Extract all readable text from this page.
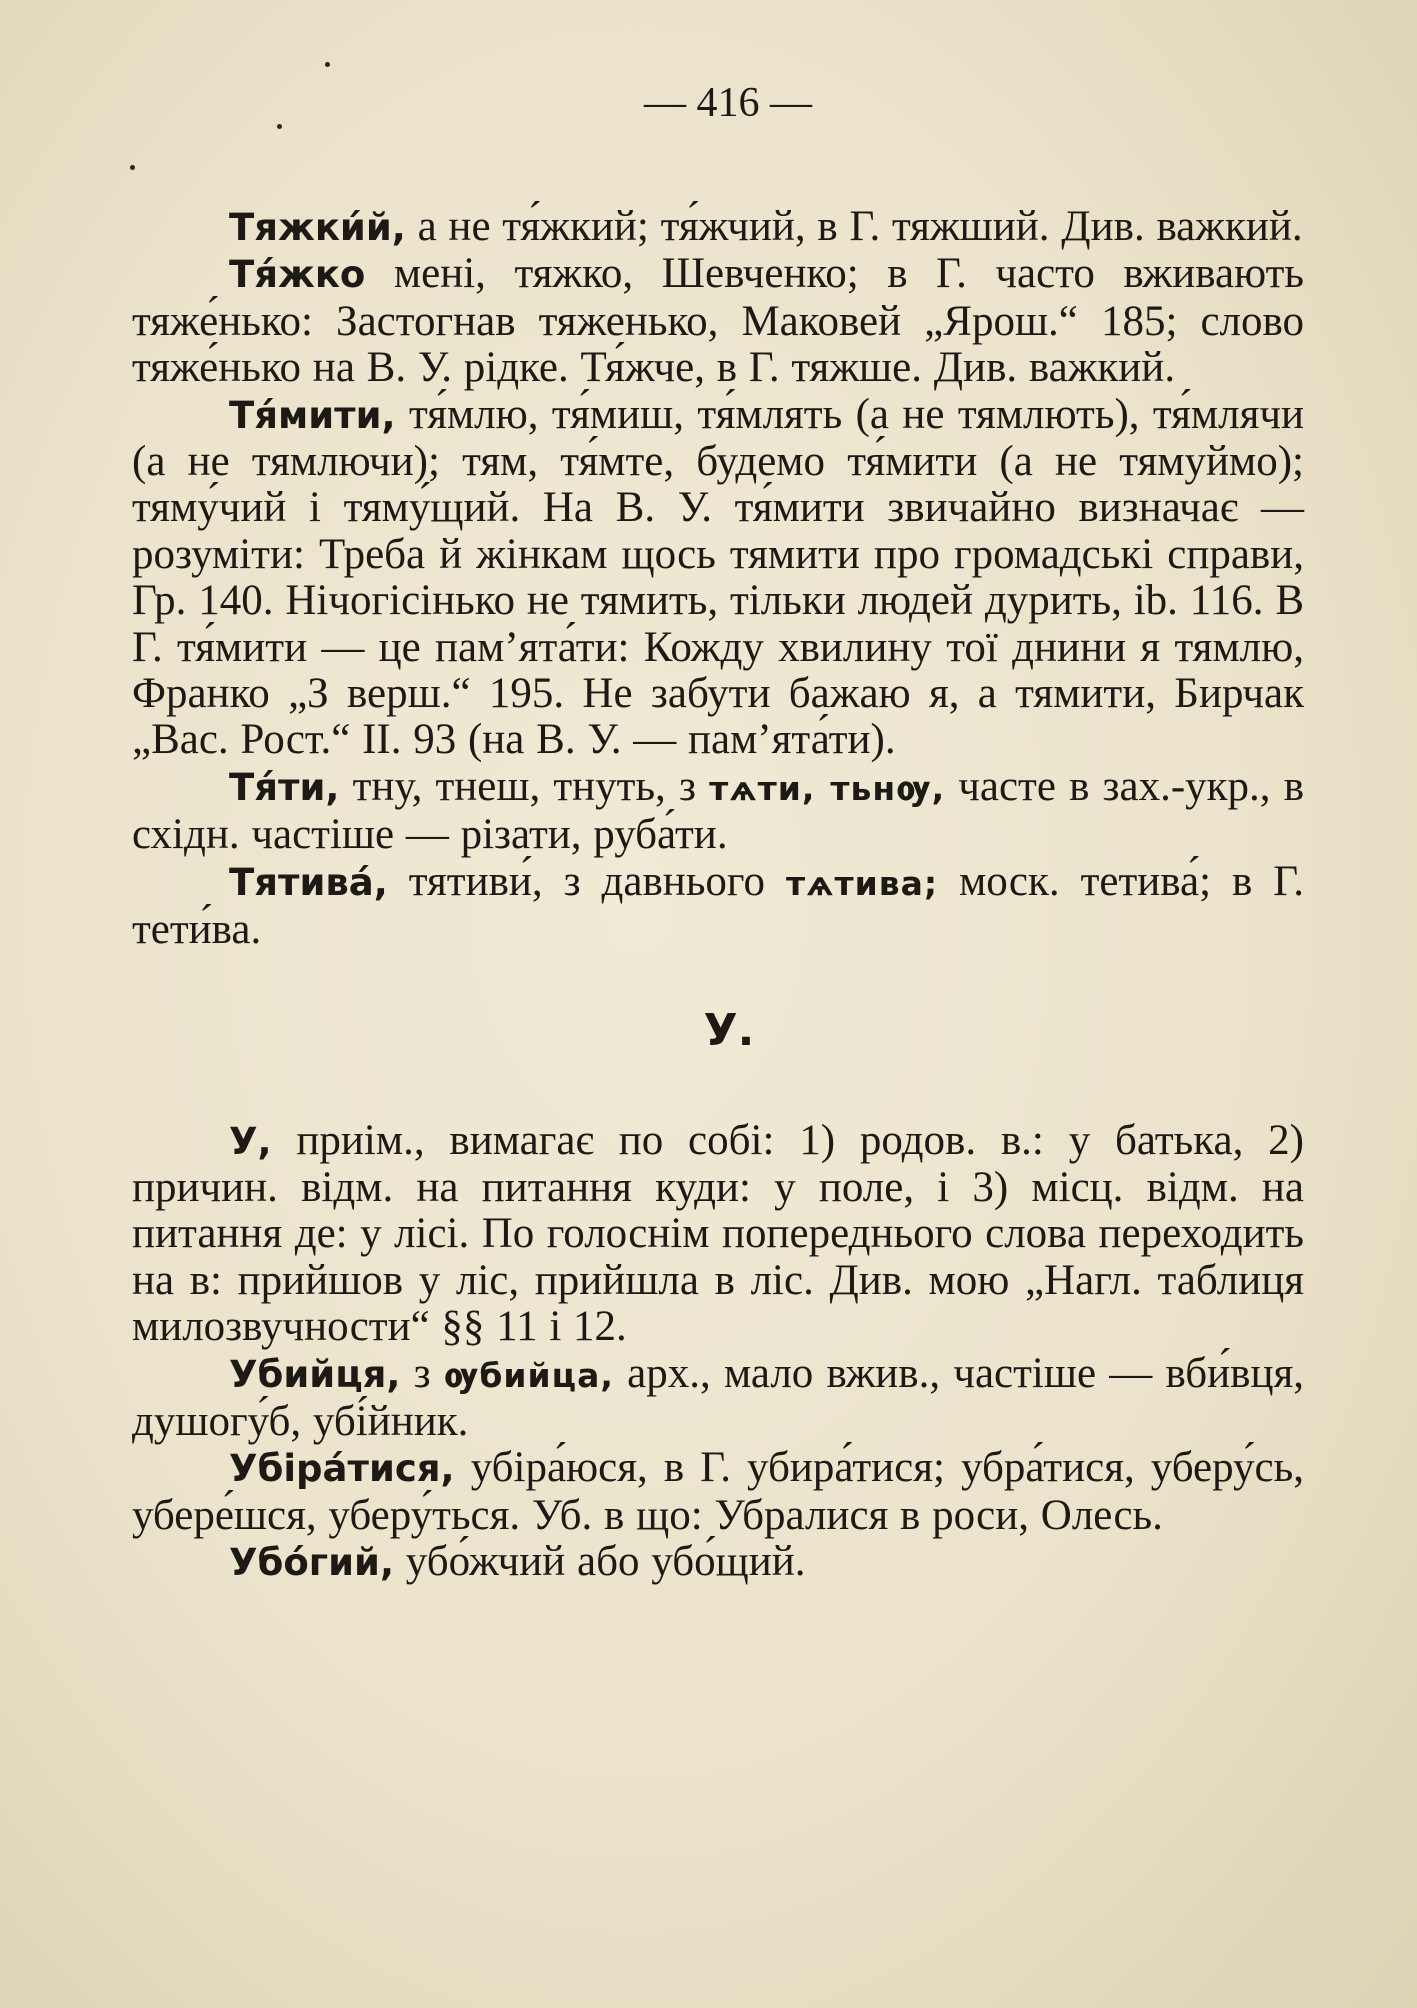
— 416 —

Тяжки́й, а не тя́жкий; тя́жчий, в Г. тяжший. Див. важкий.

Тя́жко мені, тяжко, Шевченко; в Г. часто вживають тяже́нько: Застогнав тяженько, Маковей „Ярош.“ 185; слово тяже́нько на В. У. рідке. Тя́жче, в Г. тяжше. Див. важкий.

Тя́мити, тя́млю, тя́миш, тя́млять (а не тямлють), тя́млячи (а не тямлючи); тям, тя́мте, будемо тя́мити (а не тямуймо); тяму́чий і тяму́щий. На В. У. тя́мити звичайно визначає — розуміти: Треба й жінкам щось тямити про громадські справи, Гр. 140. Нічогісінько не тямить, тільки людей дурить, ib. 116. В Г. тя́мити — це пам’ята́ти: Кожду хвилину тої днини я тямлю, Франко „З верш.“ 195. Не забути бажаю я, а тямити, Бирчак „Вас. Рост.“ II. 93 (на В. У. — пам’ята́ти).

Тя́ти, тну, тнеш, тнуть, з тѧти, тьнѹ, часте в зах.-укр., в східн. частіше — різати, руба́ти.

Тятива́, тятиви́, з давнього тѧтива; моск. тетива́; в Г. тети́ва.

У.

У, приім., вимагає по собі: 1) родов. в.: у батька, 2) причин. відм. на питання куди: у поле, і 3) місц. відм. на питання де: у лісі. По голоснім попереднього слова переходить на в: прийшов у ліс, прийшла в ліс. Див. мою „Нагл. таблиця милозвучности“ §§ 11 і 12.

Убийця, з ѹбийца, арх., мало вжив., частіше — вби́вця, душогу́б, убі́йник.

Убіра́тися, убіра́юся, в Г. убира́тися; убра́тися, уберу́сь, убере́шся, уберу́ться. Уб. в що: Убралися в роси, Олесь.

Убо́гий, убо́жчий або убо́щий.
